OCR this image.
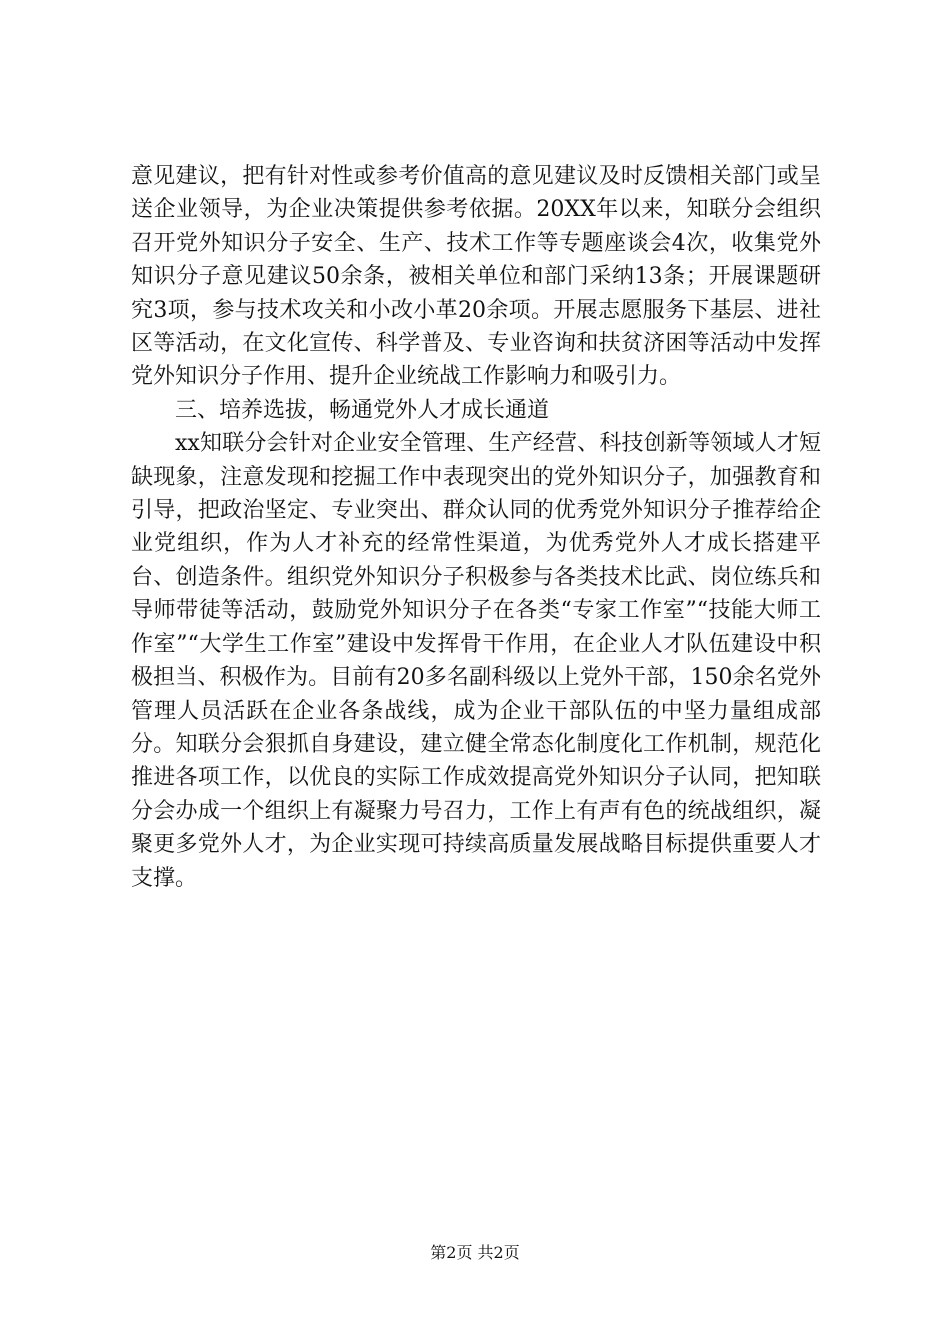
意见建议，把有针对性或参考价值高的意见建议及时反馈相关部门或呈送企业领导，为企业决策提供参考依据。20XX年以来，知联分会组织召开党外知识分子安全、生产、技术工作等专题座谈会4次，收集党外知识分子意见建议50余条，被相关单位和部门采纳13条；开展课题研究3项，参与技术攻关和小改小革20余项。开展志愿服务下基层、进社区等活动，在文化宣传、科学普及、专业咨询和扶贫济困等活动中发挥党外知识分子作用、提升企业统战工作影响力和吸引力。

三、培养选拔，畅通党外人才成长通道

xx知联分会针对企业安全管理、生产经营、科技创新等领域人才短缺现象，注意发现和挖掘工作中表现突出的党外知识分子，加强教育和引导，把政治坚定、专业突出、群众认同的优秀党外知识分子推荐给企业党组织，作为人才补充的经常性渠道，为优秀党外人才成长搭建平台、创造条件。组织党外知识分子积极参与各类技术比武、岗位练兵和导师带徒等活动，鼓励党外知识分子在各类“专家工作室”“技能大师工作室”“大学生工作室”建设中发挥骨干作用，在企业人才队伍建设中积极担当、积极作为。目前有20多名副科级以上党外干部，150余名党外管理人员活跃在企业各条战线，成为企业干部队伍的中坚力量组成部分。知联分会狠抓自身建设，建立健全常态化制度化工作机制，规范化推进各项工作，以优良的实际工作成效提高党外知识分子认同，把知联分会办成一个组织上有凝聚力号召力，工作上有声有色的统战组织，凝聚更多党外人才，为企业实现可持续高质量发展战略目标提供重要人才支撑。

第2页 共2页
